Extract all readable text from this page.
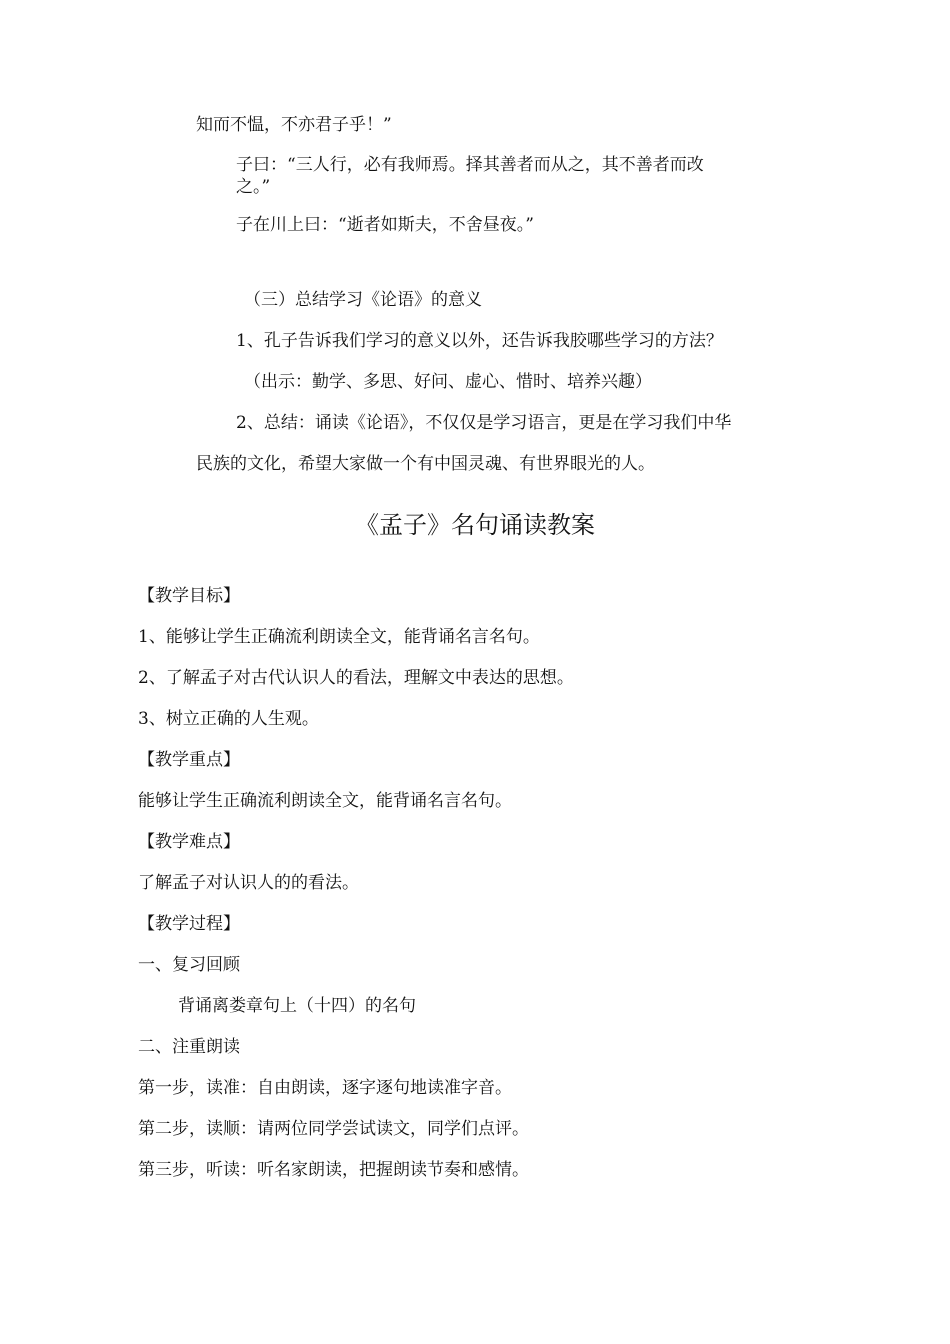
知而不愠，不亦君子乎！”
子曰：“三人行，必有我师焉。择其善者而从之，其不善者而改
之。”
子在川上曰：“逝者如斯夫，不舍昼夜。”
（三）总结学习《论语》的意义
1、孔子告诉我们学习的意义以外，还告诉我胶哪些学习的方法？
（出示：勤学、多思、好问、虚心、惜时、培养兴趣）
2、总结：诵读《论语》，不仅仅是学习语言，更是在学习我们中华
民族的文化，希望大家做一个有中国灵魂、有世界眼光的人。
《孟子》名句诵读教案
【教学目标】
1、能够让学生正确流利朗读全文，能背诵名言名句。
2、了解孟子对古代认识人的看法，理解文中表达的思想。
3、树立正确的人生观。
【教学重点】
能够让学生正确流利朗读全文，能背诵名言名句。
【教学难点】
了解孟子对认识人的的看法。
【教学过程】
一、复习回顾
背诵离娄章句上（十四）的名句
二、注重朗读
第一步，读准：自由朗读，逐字逐句地读准字音。
第二步，读顺：请两位同学尝试读文，同学们点评。
第三步，听读：听名家朗读，把握朗读节奏和感情。
